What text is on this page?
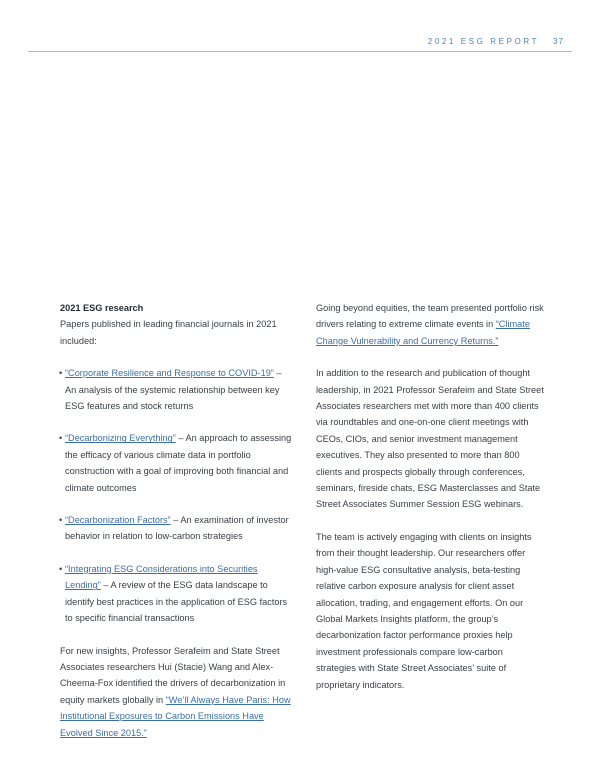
2021 ESG REPORT 37

2021 ESG research

Papers published in leading financial journals in 2021 included:

• “Corporate Resilience and Response to COVID-19” – An analysis of the systemic relationship between key ESG features and stock returns

• “Decarbonizing Everything” – An approach to assessing the efficacy of various climate data in portfolio construction with a goal of improving both financial and climate outcomes

• “Decarbonization Factors” – An examination of investor behavior in relation to low-carbon strategies

• “Integrating ESG Considerations into Securities Lending” – A review of the ESG data landscape to identify best practices in the application of ESG factors to specific financial transactions

For new insights, Professor Serafeim and State Street Associates researchers Hui (Stacie) Wang and Alex-Cheema-Fox identified the drivers of decarbonization in equity markets globally in “We’ll Always Have Paris: How Institutional Exposures to Carbon Emissions Have Evolved Since 2015.”

Going beyond equities, the team presented portfolio risk drivers relating to extreme climate events in “Climate Change Vulnerability and Currency Returns.”

In addition to the research and publication of thought leadership, in 2021 Professor Serafeim and State Street Associates researchers met with more than 400 clients via roundtables and one-on-one client meetings with CEOs, CIOs, and senior investment management executives. They also presented to more than 800 clients and prospects globally through conferences, seminars, fireside chats, ESG Masterclasses and State Street Associates Summer Session ESG webinars.

The team is actively engaging with clients on insights from their thought leadership. Our researchers offer high-value ESG consultative analysis, beta-testing relative carbon exposure analysis for client asset allocation, trading, and engagement efforts. On our Global Markets Insights platform, the group’s decarbonization factor performance proxies help investment professionals compare low-carbon strategies with State Street Associates’ suite of proprietary indicators.
